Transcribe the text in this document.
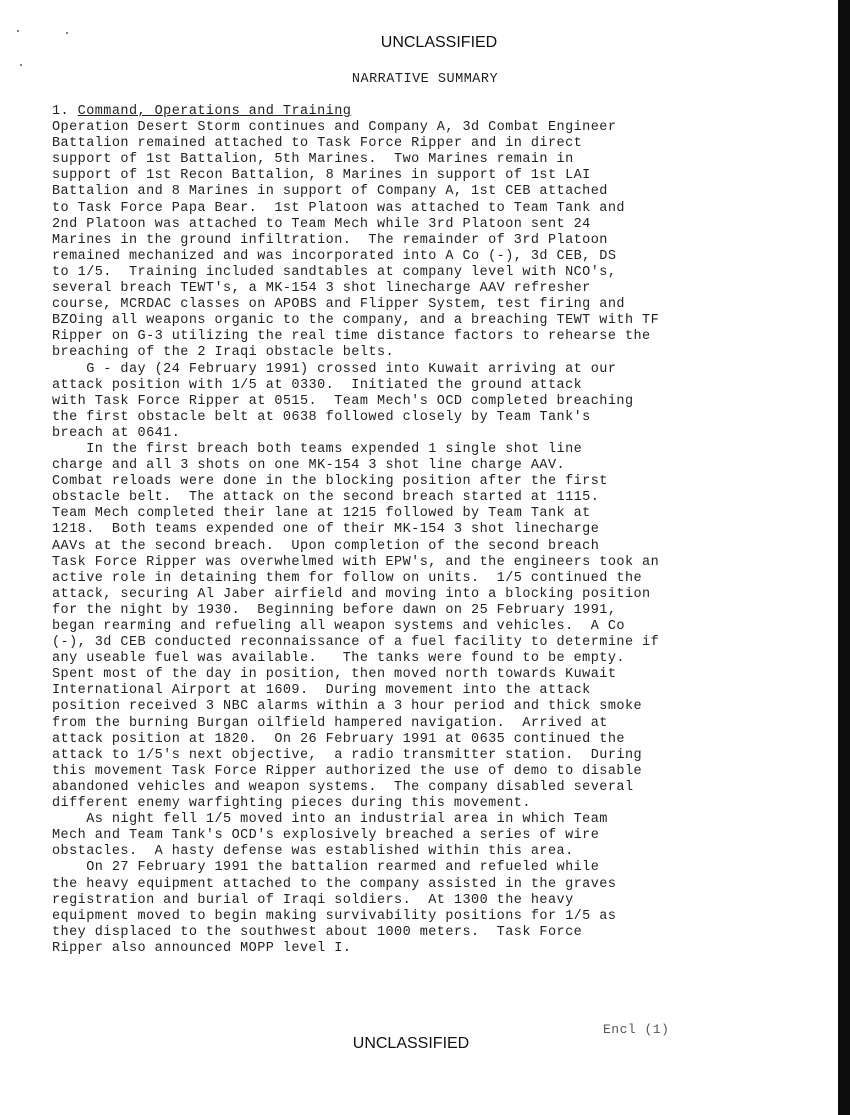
UNCLASSIFIED
NARRATIVE SUMMARY
1. Command, Operations and Training
Operation Desert Storm continues and Company A, 3d Combat Engineer
Battalion remained attached to Task Force Ripper and in direct
support of 1st Battalion, 5th Marines.  Two Marines remain in
support of 1st Recon Battalion, 8 Marines in support of 1st LAI
Battalion and 8 Marines in support of Company A, 1st CEB attached
to Task Force Papa Bear.  1st Platoon was attached to Team Tank and
2nd Platoon was attached to Team Mech while 3rd Platoon sent 24
Marines in the ground infiltration.  The remainder of 3rd Platoon
remained mechanized and was incorporated into A Co (-), 3d CEB, DS
to 1/5.  Training included sandtables at company level with NCO's,
several breach TEWT's, a MK-154 3 shot linecharge AAV refresher
course, MCRDAC classes on APOBS and Flipper System, test firing and
BZOing all weapons organic to the company, and a breaching TEWT with TF
Ripper on G-3 utilizing the real time distance factors to rehearse the
breaching of the 2 Iraqi obstacle belts.
G - day (24 February 1991) crossed into Kuwait arriving at our
attack position with 1/5 at 0330.  Initiated the ground attack
with Task Force Ripper at 0515.  Team Mech's OCD completed breaching
the first obstacle belt at 0638 followed closely by Team Tank's
breach at 0641.
In the first breach both teams expended 1 single shot line
charge and all 3 shots on one MK-154 3 shot line charge AAV.
Combat reloads were done in the blocking position after the first
obstacle belt.  The attack on the second breach started at 1115.
Team Mech completed their lane at 1215 followed by Team Tank at
1218.  Both teams expended one of their MK-154 3 shot linecharge
AAVs at the second breach.  Upon completion of the second breach
Task Force Ripper was overwhelmed with EPW's, and the engineers took an
active role in detaining them for follow on units.  1/5 continued the
attack, securing Al Jaber airfield and moving into a blocking position
for the night by 1930.  Beginning before dawn on 25 February 1991,
began rearming and refueling all weapon systems and vehicles.  A Co
(-), 3d CEB conducted reconnaissance of a fuel facility to determine if
any useable fuel was available.   The tanks were found to be empty.
Spent most of the day in position, then moved north towards Kuwait
International Airport at 1609.  During movement into the attack
position received 3 NBC alarms within a 3 hour period and thick smoke
from the burning Burgan oilfield hampered navigation.  Arrived at
attack position at 1820.  On 26 February 1991 at 0635 continued the
attack to 1/5's next objective,  a radio transmitter station.  During
this movement Task Force Ripper authorized the use of demo to disable
abandoned vehicles and weapon systems.  The company disabled several
different enemy warfighting pieces during this movement.
As night fell 1/5 moved into an industrial area in which Team
Mech and Team Tank's OCD's explosively breached a series of wire
obstacles.  A hasty defense was established within this area.
On 27 February 1991 the battalion rearmed and refueled while
the heavy equipment attached to the company assisted in the graves
registration and burial of Iraqi soldiers.  At 1300 the heavy
equipment moved to begin making survivability positions for 1/5 as
they displaced to the southwest about 1000 meters.  Task Force
Ripper also announced MOPP level I.
Encl (1)
UNCLASSIFIED
